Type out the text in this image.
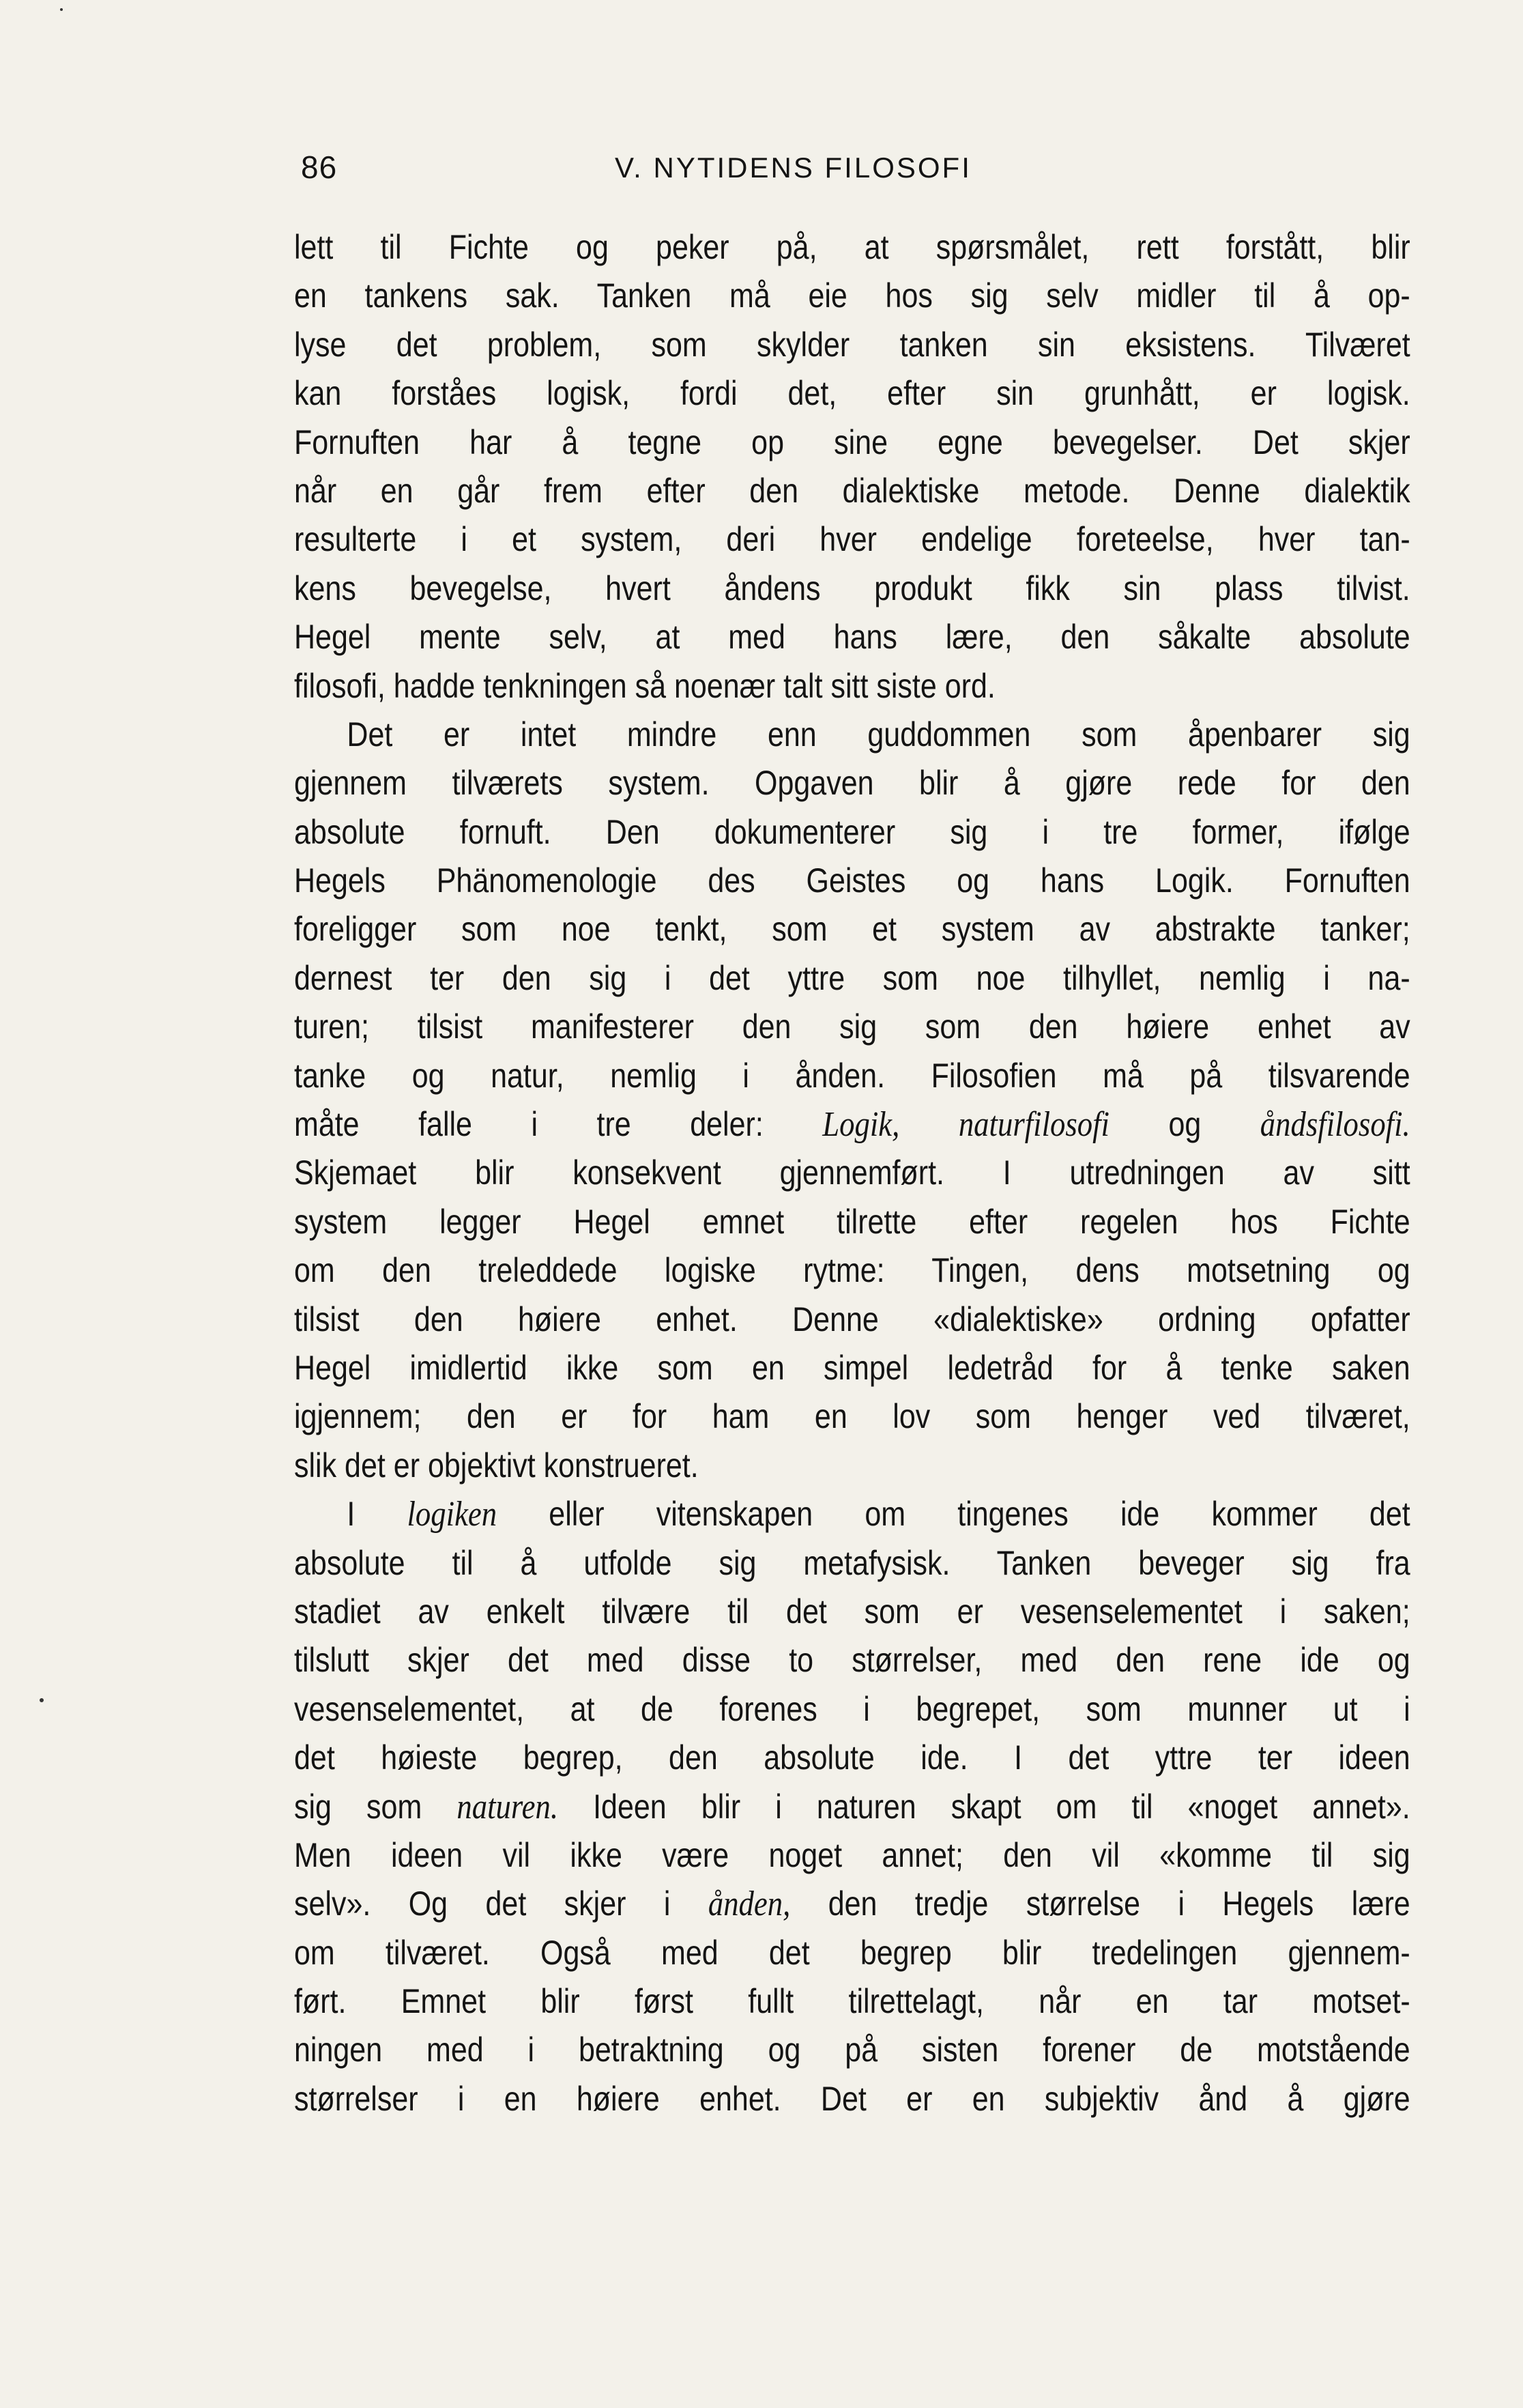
86	V. NYTIDENS FILOSOFI
lett til Fichte og peker på, at spørsmålet, rett forstått, blir
en tankens sak. Tanken må eie hos sig selv midler til å op-
lyse det problem, som skylder tanken sin eksistens. Tilværet
kan forståes logisk, fordi det, efter sin grunhått, er logisk.
Fornuften har å tegne op sine egne bevegelser. Det skjer
når en går frem efter den dialektiske metode. Denne dialektik
resulterte i et system, deri hver endelige foreteelse, hver tan-
kens bevegelse, hvert åndens produkt fikk sin plass tilvist.
Hegel mente selv, at med hans lære, den såkalte absolute
filosofi, hadde tenkningen så noenær talt sitt siste ord.
Det er intet mindre enn guddommen som åpenbarer sig
gjennem tilværets system. Opgaven blir å gjøre rede for den
absolute fornuft. Den dokumenterer sig i tre former, ifølge
Hegels Phänomenologie des Geistes og hans Logik. Fornuften
foreligger som noe tenkt, som et system av abstrakte tanker;
dernest ter den sig i det yttre som noe tilhyllet, nemlig i na-
turen; tilsist manifesterer den sig som den høiere enhet av
tanke og natur, nemlig i ånden. Filosofien må på tilsvarende
måte falle i tre deler: Logik, naturfilosofi og åndsfilosofi.
Skjemaet blir konsekvent gjennemført. I utredningen av sitt
system legger Hegel emnet tilrette efter regelen hos Fichte
om den treleddede logiske rytme: Tingen, dens motsetning og
tilsist den høiere enhet. Denne «dialektiske» ordning opfatter
Hegel imidlertid ikke som en simpel ledetråd for å tenke saken
igjennem; den er for ham en lov som henger ved tilværet,
slik det er objektivt konstrueret.
I logiken eller vitenskapen om tingenes ide kommer det
absolute til å utfolde sig metafysisk. Tanken beveger sig fra
stadiet av enkelt tilvære til det som er vesenselementet i saken;
tilslutt skjer det med disse to størrelser, med den rene ide og
vesenselementet, at de forenes i begrepet, som munner ut i
det høieste begrep, den absolute ide. I det yttre ter ideen
sig som naturen. Ideen blir i naturen skapt om til «noget annet».
Men ideen vil ikke være noget annet; den vil «komme til sig
selv». Og det skjer i ånden, den tredje størrelse i Hegels lære
om tilværet. Også med det begrep blir tredelingen gjennem-
ført. Emnet blir først fullt tilrettelagt, når en tar motset-
ningen med i betraktning og på sisten forener de motstående
størrelser i en høiere enhet. Det er en subjektiv ånd å gjøre
